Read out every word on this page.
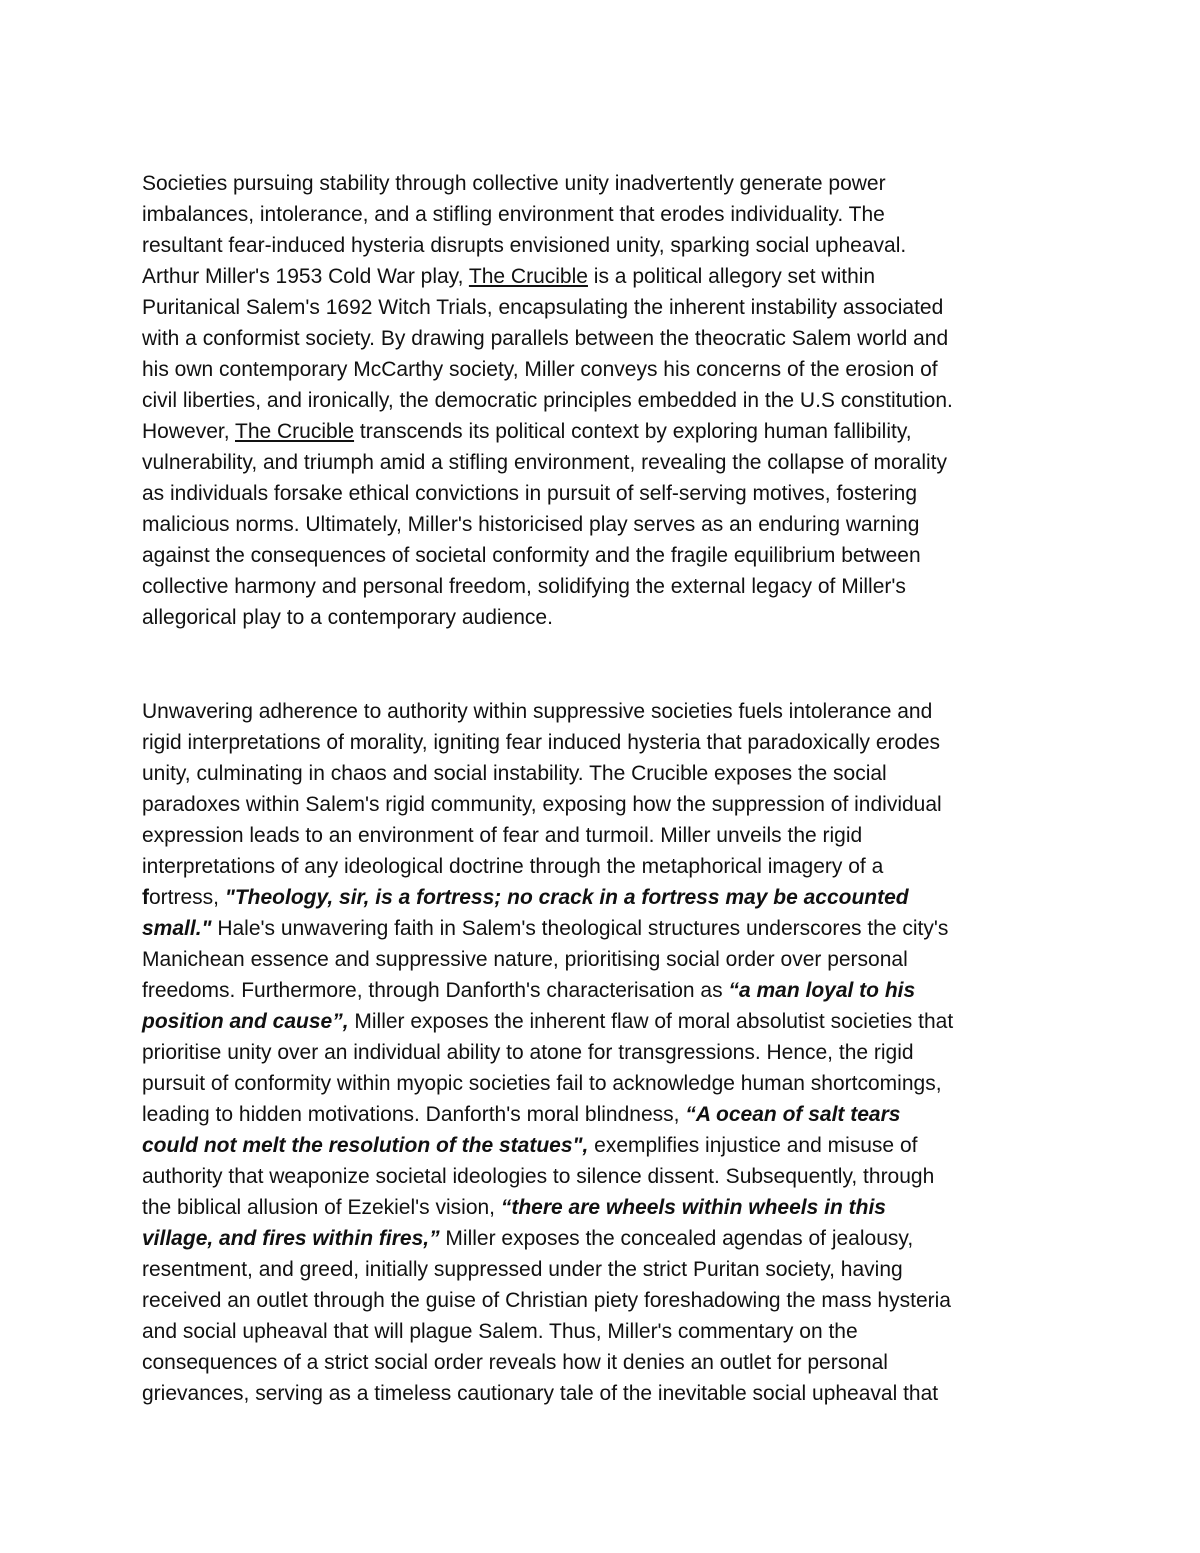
Societies pursuing stability through collective unity inadvertently generate power
imbalances, intolerance, and a stifling environment that erodes individuality. The
resultant fear-induced hysteria disrupts envisioned unity, sparking social upheaval.
Arthur Miller's 1953 Cold War play, The Crucible is a political allegory set within
Puritanical Salem's 1692 Witch Trials, encapsulating the inherent instability associated
with a conformist society. By drawing parallels between the theocratic Salem world and
his own contemporary McCarthy society, Miller conveys his concerns of the erosion of
civil liberties, and ironically, the democratic principles embedded in the U.S constitution.
However, The Crucible transcends its political context by exploring human fallibility,
vulnerability, and triumph amid a stifling environment, revealing the collapse of morality
as individuals forsake ethical convictions in pursuit of self-serving motives, fostering
malicious norms. Ultimately, Miller's historicised play serves as an enduring warning
against the consequences of societal conformity and the fragile equilibrium between
collective harmony and personal freedom, solidifying the external legacy of Miller's
allegorical play to a contemporary audience.
Unwavering adherence to authority within suppressive societies fuels intolerance and
rigid interpretations of morality, igniting fear induced hysteria that paradoxically erodes
unity, culminating in chaos and social instability. The Crucible exposes the social
paradoxes within Salem's rigid community, exposing how the suppression of individual
expression leads to an environment of fear and turmoil. Miller unveils the rigid
interpretations of any ideological doctrine through the metaphorical imagery of a
fortress, "Theology, sir, is a fortress; no crack in a fortress may be accounted
small." Hale's unwavering faith in Salem's theological structures underscores the city's
Manichean essence and suppressive nature, prioritising social order over personal
freedoms. Furthermore, through Danforth's characterisation as “a man loyal to his
position and cause”, Miller exposes the inherent flaw of moral absolutist societies that
prioritise unity over an individual ability to atone for transgressions. Hence, the rigid
pursuit of conformity within myopic societies fail to acknowledge human shortcomings,
leading to hidden motivations. Danforth's moral blindness, “A ocean of salt tears
could not melt the resolution of the statues", exemplifies injustice and misuse of
authority that weaponize societal ideologies to silence dissent. Subsequently, through
the biblical allusion of Ezekiel's vision, “there are wheels within wheels in this
village, and fires within fires,” Miller exposes the concealed agendas of jealousy,
resentment, and greed, initially suppressed under the strict Puritan society, having
received an outlet through the guise of Christian piety foreshadowing the mass hysteria
and social upheaval that will plague Salem. Thus, Miller's commentary on the
consequences of a strict social order reveals how it denies an outlet for personal
grievances, serving as a timeless cautionary tale of the inevitable social upheaval that
